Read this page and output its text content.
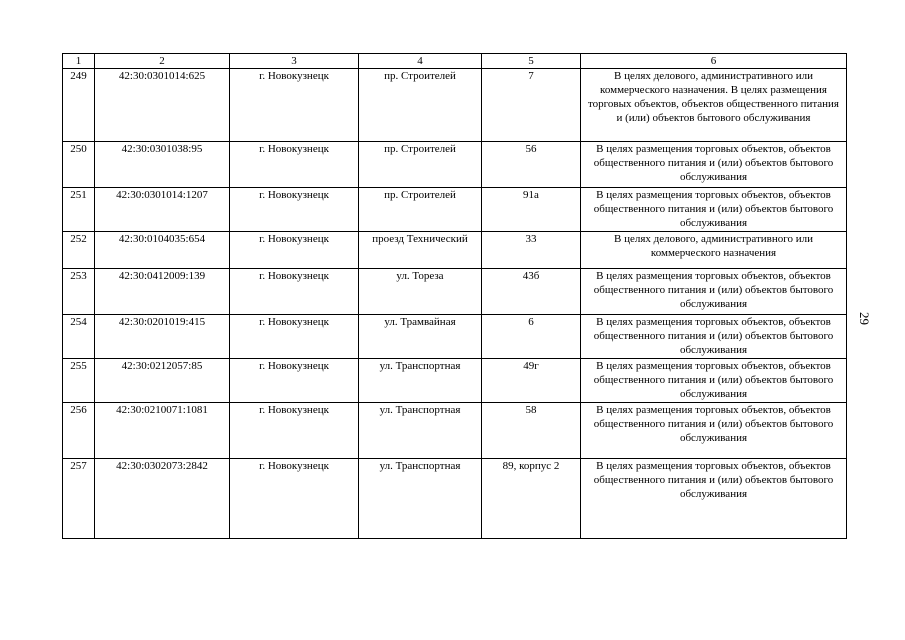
1	2	3	4	5	6
249	42:30:0301014:625	г. Новокузнецк	пр. Строителей	7	В целях делового, административного или коммерческого назначения. В целях размещения торговых объектов, объектов общественного питания и (или) объектов бытового обслуживания
250	42:30:0301038:95	г. Новокузнецк	пр. Строителей	56	В целях размещения торговых объектов, объектов общественного питания и (или) объектов бытового обслуживания
251	42:30:0301014:1207	г. Новокузнецк	пр. Строителей	91а	В целях размещения торговых объектов, объектов общественного питания и (или) объектов бытового обслуживания
252	42:30:0104035:654	г. Новокузнецк	проезд Технический	33	В целях делового, административного или коммерческого назначения
253	42:30:0412009:139	г. Новокузнецк	ул. Тореза	43б	В целях размещения торговых объектов, объектов общественного питания и (или) объектов бытового обслуживания
254	42:30:0201019:415	г. Новокузнецк	ул. Трамвайная	6	В целях размещения торговых объектов, объектов общественного питания и (или) объектов бытового обслуживания
255	42:30:0212057:85	г. Новокузнецк	ул. Транспортная	49г	В целях размещения торговых объектов, объектов общественного питания и (или) объектов бытового обслуживания
256	42:30:0210071:1081	г. Новокузнецк	ул. Транспортная	58	В целях размещения торговых объектов, объектов общественного питания и (или) объектов бытового обслуживания
257	42:30:0302073:2842	г. Новокузнецк	ул. Транспортная	89, корпус 2	В целях размещения торговых объектов, объектов общественного питания и (или) объектов бытового обслуживания
29
